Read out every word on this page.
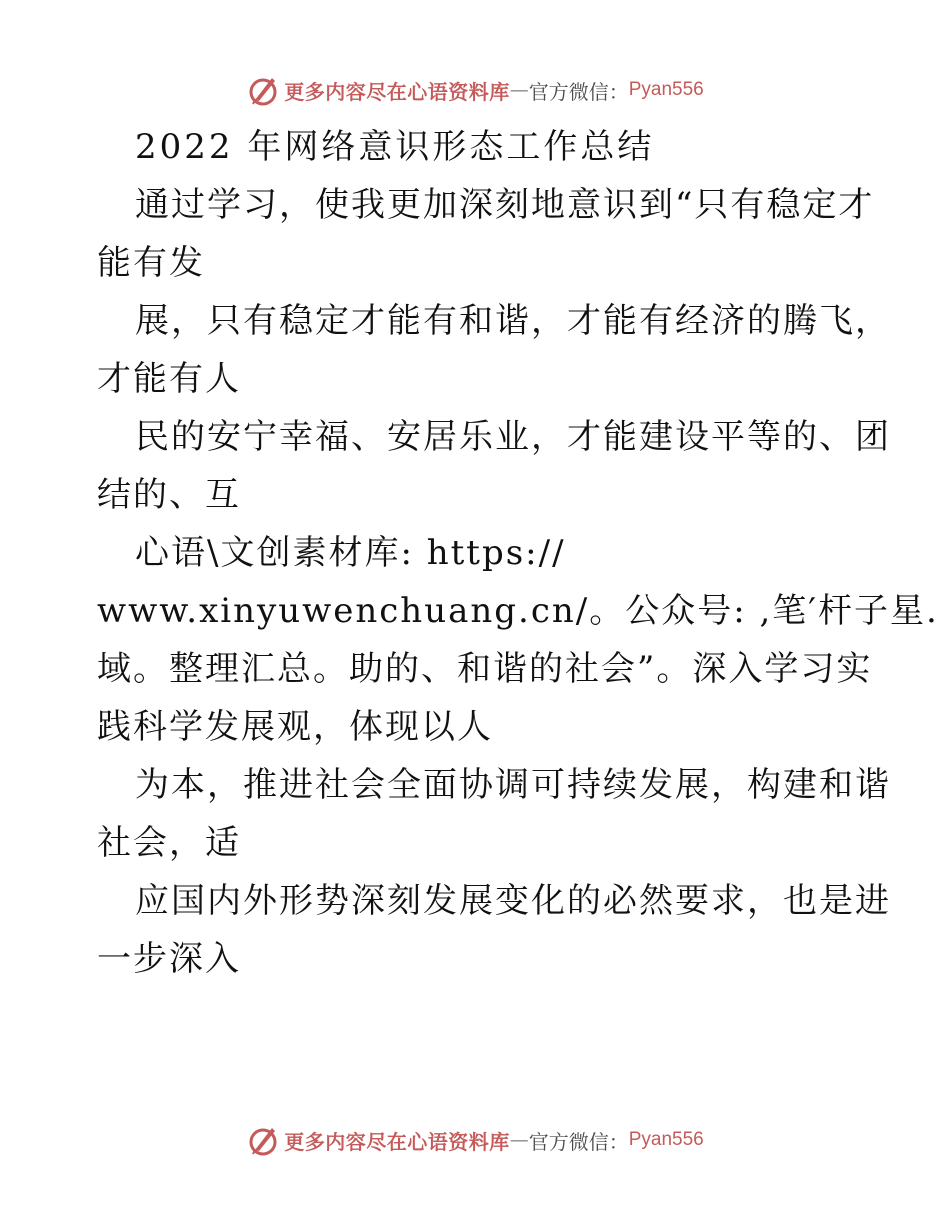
更多内容尽在心语资料库 — 官方微信： Pyan556
2022 年网络意识形态工作总结
通过学习，使我更加深刻地意识到“只有稳定才
能有发
展，只有稳定才能有和谐，才能有经济的腾飞，
才能有人
民的安宁幸福、安居乐业，才能建设平等的、团
结的、互
心语\文创素材库: https://
www.xinyuwenchuang.cn/。公众号: ,笔′杆子星.
域。整理汇总。助的、和谐的社会”。深入学习实
践科学发展观，体现以人
为本，推进社会全面协调可持续发展，构建和谐
社会，适
应国内外形势深刻发展变化的必然要求，也是进
一步深入
更多内容尽在心语资料库 — 官方微信： Pyan556
